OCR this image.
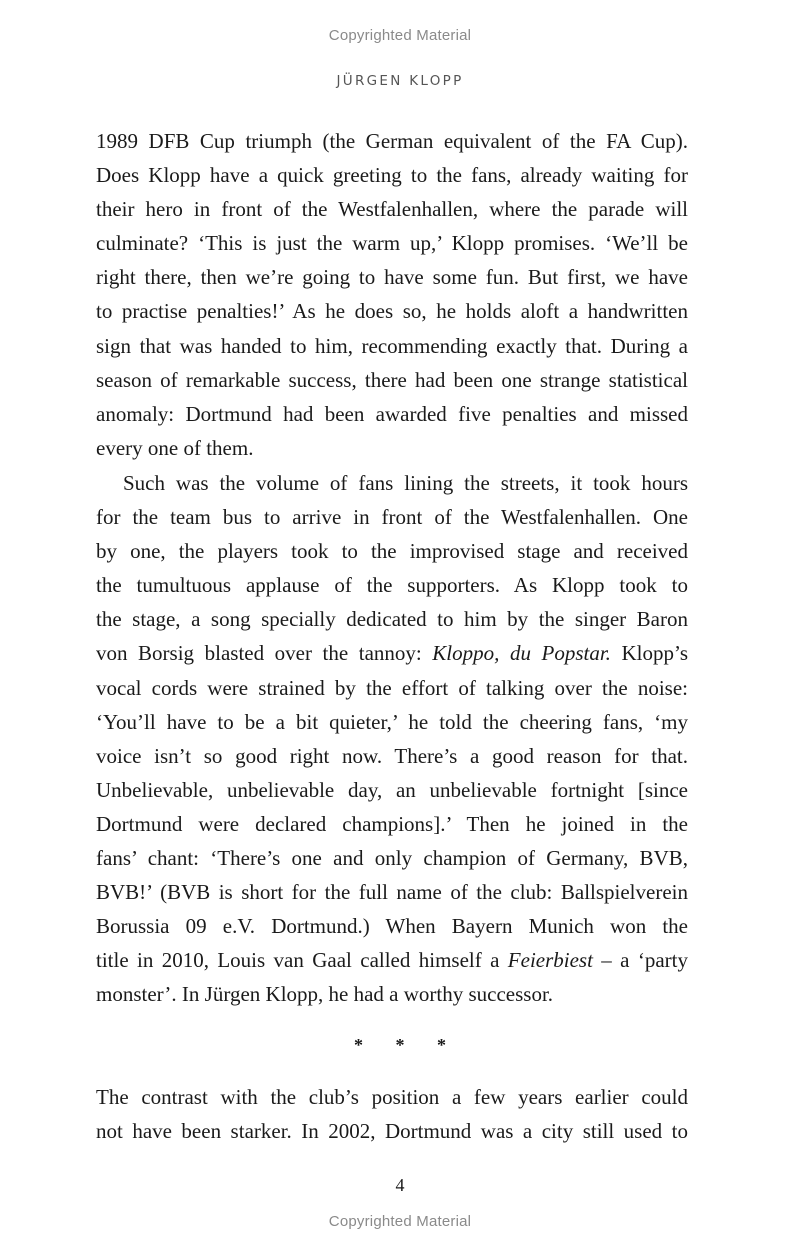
Copyrighted Material
JÜRGEN KLOPP
1989 DFB Cup triumph (the German equivalent of the FA Cup).
Does Klopp have a quick greeting to the fans, already waiting for
their hero in front of the Westfalenhallen, where the parade will
culminate? ‘This is just the warm up,’ Klopp promises. ‘We’ll be
right there, then we’re going to have some fun. But first, we have
to practise penalties!’ As he does so, he holds aloft a handwritten
sign that was handed to him, recommending exactly that. During a
season of remarkable success, there had been one strange statistical
anomaly: Dortmund had been awarded five penalties and missed
every one of them.
Such was the volume of fans lining the streets, it took hours
for the team bus to arrive in front of the Westfalenhallen. One
by one, the players took to the improvised stage and received
the tumultuous applause of the supporters. As Klopp took to
the stage, a song specially dedicated to him by the singer Baron
von Borsig blasted over the tannoy: Kloppo, du Popstar. Klopp’s
vocal cords were strained by the effort of talking over the noise:
‘You’ll have to be a bit quieter,’ he told the cheering fans, ‘my
voice isn’t so good right now. There’s a good reason for that.
Unbelievable, unbelievable day, an unbelievable fortnight [since
Dortmund were declared champions].’ Then he joined in the
fans’ chant: ‘There’s one and only champion of Germany, BVB,
BVB!’ (BVB is short for the full name of the club: Ballspielverein
Borussia 09 e.V. Dortmund.) When Bayern Munich won the
title in 2010, Louis van Gaal called himself a Feierbiest – a ‘party
monster’. In Jürgen Klopp, he had a worthy successor.
* * *
The contrast with the club’s position a few years earlier could
not have been starker. In 2002, Dortmund was a city still used to
4
Copyrighted Material
